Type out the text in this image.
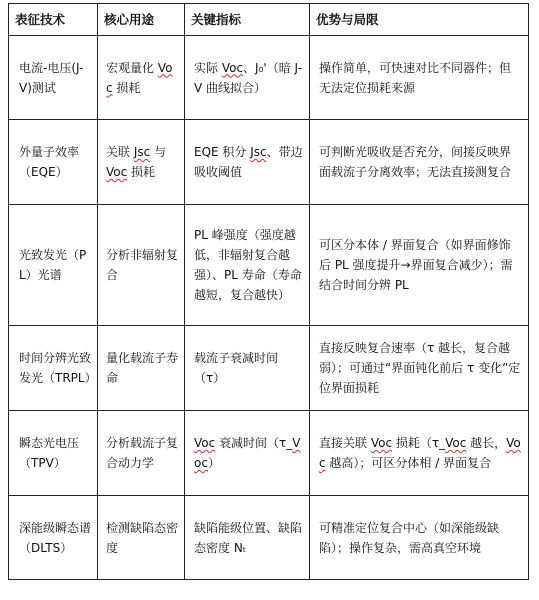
表征技术	核心用途	关键指标	优势与局限
电流-电压(J-V)测试	宏观量化 Voc 损耗	实际 Voc、J₀'（暗 J-V 曲线拟合）	操作简单，可快速对比不同器件；但无法定位损耗来源
外量子效率（EQE）	关联 Jsc 与 Voc 损耗	EQE 积分 Jsc、带边吸收阈值	可判断光吸收是否充分，间接反映界面载流子分离效率；无法直接测复合
光致发光（PL）光谱	分析非辐射复合	PL 峰强度（强度越低，非辐射复合越强）、PL 寿命（寿命越短，复合越快）	可区分本体 / 界面复合（如界面修饰后 PL 强度提升→界面复合减少）；需结合时间分辨 PL
时间分辨光致发光（TRPL）	量化载流子寿命	载流子衰减时间（τ）	直接反映复合速率（τ 越长，复合越弱）；可通过“界面钝化前后 τ 变化”定位界面损耗
瞬态光电压（TPV）	分析载流子复合动力学	Voc 衰减时间（τ_Voc）	直接关联 Voc 损耗（τ_Voc 越长，Voc 越高）；可区分体相 / 界面复合
深能级瞬态谱（DLTS）	检测缺陷态密度	缺陷能级位置、缺陷态密度 Nₜ	可精准定位复合中心（如深能级缺陷）；操作复杂，需高真空环境
